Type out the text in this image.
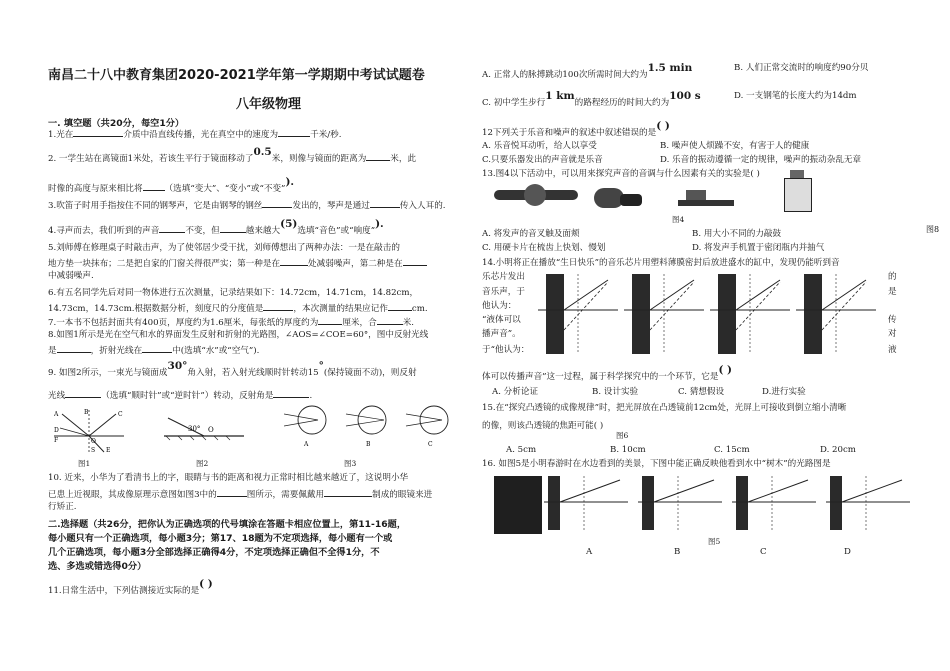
南昌二十八中教育集团2020-2021学年第一学期期中考试试题卷
八年级物理
一. 填空题（共20分，每空1分）
1.光在	介质中沿直线传播，光在真空中的速度为	千米/秒.
2. 一学生站在离镜面1米处，若该生平行于镜面移动了0.5米，则像与镜面的距离为	米，此
时像的高度与原来相比将	（选填“变大”、“变小”或“不变”).
3.吹笛子时用手指按住不同的钢琴声，它是由钢琴的钢丝	发出的，琴声是通过	传入人耳的.
4.寻声而去，我们听到的声音	不变，但	越来越大(5)选填“音色”或“响度”).
5.刘师傅在修理桌子时敲击声，为了使邻居少受干扰，刘师傅想出了两种办法：一是在敲击的
地方垫一块抹布；二是把自家的门窗关得很严实；第一种是在	处减弱噪声，第二种是在
中减弱噪声.
6.有五名同学先后对同一物体进行五次测量，记录结果如下：14.72cm，14.71cm，14.82cm，
14.73cm，14.73cm.根据数据分析，刻度尺的分度值是	，本次测量的结果应记作	cm.
7.一本书不包括封面共有400页，厚度约为1.6厘米，每张纸的厚度约为	厘米，合	米.
8.如图1所示是光在空气和水的界面发生反射和折射的光路图，∠AOS=∠COE=60°，图中反射光线
是	，折射光线在	中(选填“水”或“空气”).
9. 如图2所示，一束光与镜面成30°角入射，若入射光线顺时针转动15°(保持镜面不动)，则反射
光线	（选填“顺时针”或“逆时针”）转动，反射角是	.
A	B	C
D
E
F	O
S
图1
30° O
图2
A	B	C
图3
10. 近来，小华为了看清书上的字，眼睛与书的距离和视力正常时相比越来越近了，这说明小华
已患上近视眼，其成像原理示意图如图3中的	图所示，需要佩戴用	制成的眼镜来进
行矫正.
二.选择题（共26分，把你认为正确选项的代号填涂在答题卡相应位置上，第11-16题，
每小题只有一个正确选项，每小题3分；第17、18题为不定项选择，每小题有一个或
几个正确选项，每小题3分全部选择正确得4分，不定项选择正确但不全得1分，不
选、多选或错选得0分）
11.日常生活中，下列估测接近实际的是( )
A. 正常人的脉搏跳动100次所需时间大约为1.5 min	B. 人们正常交流时的响度约90分贝
C. 初中学生步行1 km的路程经历的时间大约为100 s	D. 一支钢笔的长度大约为14dm
12下列关于乐音和噪声的叙述中叙述错误的是( )
A. 乐音悦耳动听，给人以享受	B. 噪声使人烦躁不安，有害于人的健康
C.只要乐器发出的声音就是乐音	D. 乐音的振动遵循一定的规律，噪声的振动杂乱无章
13.图4以下活动中，可以用来探究声音的音调与什么因素有关的实验是( )
图4
A. 将发声的音叉触及面颊	B. 用大小不同的力敲鼓
C. 用硬卡片在梳齿上快划、慢划	D. 将发声手机置于密闭瓶内并抽气
14.小明将正在播放“生日快乐”的音乐芯片用塑料薄膜密封后放进盛水的缸中，发现仍能听到音
乐芯片发出
音乐声，于
他认为：
“液体可以
播声音”。
于“他认为：
的
是
传
对
液
体可以传播声音”这一过程，属于科学探究中的一个环节，它是( )
A. 分析论证	B. 设计实验	C. 猜想假设	D.进行实验
15.在“探究凸透镜的成像规律”时，把光屏放在凸透镜前12cm处，光屏上可接收到倒立缩小清晰
的像，则该凸透镜的焦距可能( )
图6
A. 5cm	B. 10cm	C. 15cm	D. 20cm
16. 如图5是小明春游时在水边看到的美景，下图中能正确反映他看到水中“树木”的光路图是
图5
A	B	C	D
图8
